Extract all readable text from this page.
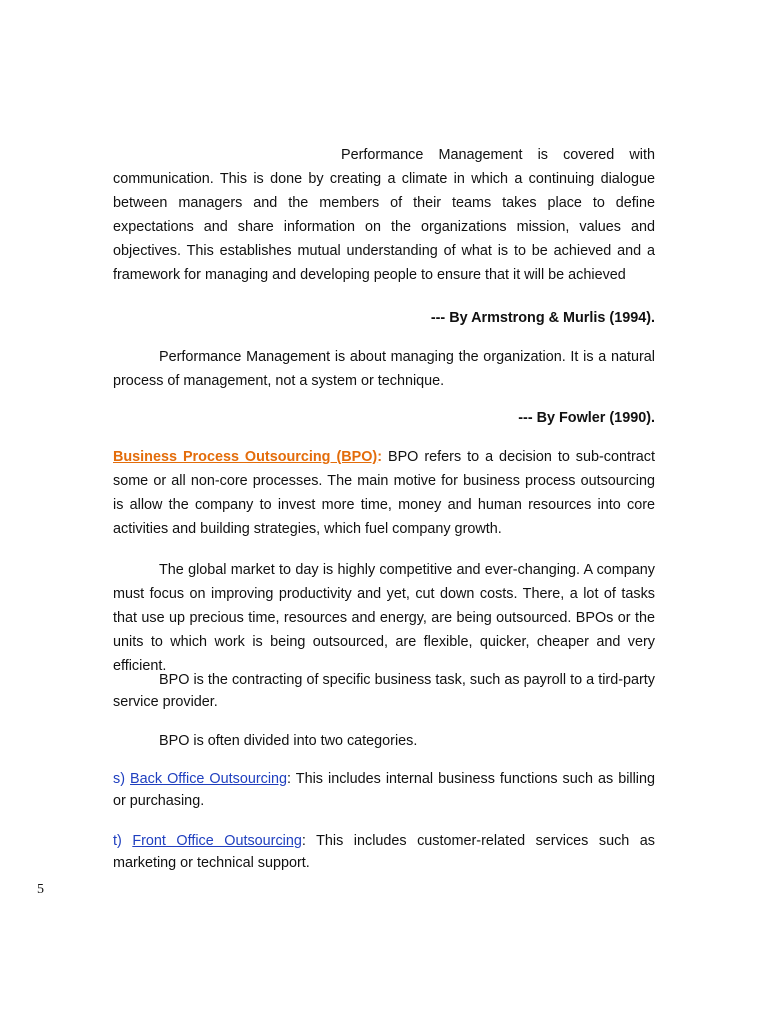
Performance Management is covered with communication. This is done by creating a climate in which a continuing dialogue between managers and the members of their teams takes place to define expectations and share information on the organizations mission, values and objectives. This establishes mutual understanding of what is to be achieved and a framework for managing and developing people to ensure that it will be achieved

--- By Armstrong & Murlis (1994).

Performance Management is about managing the organization. It is a natural process of management, not a system or technique.

--- By Fowler (1990).

Business Process Outsourcing (BPO): BPO refers to a decision to sub-contract some or all non-core processes. The main motive for business process outsourcing is allow the company to invest more time, money and human resources into core activities and building strategies, which fuel company growth.

The global market to day is highly competitive and ever-changing. A company must focus on improving productivity and yet, cut down costs. There, a lot of tasks that use up precious time, resources and energy, are being outsourced. BPOs or the units to which work is being outsourced, are flexible, quicker, cheaper and very efficient.

BPO is the contracting of specific business task, such as payroll to a tird-party service provider.

BPO is often divided into two categories.

s) Back Office Outsourcing: This includes internal business functions such as billing or purchasing.

t) Front Office Outsourcing: This includes customer-related services such as marketing or technical support.

5
